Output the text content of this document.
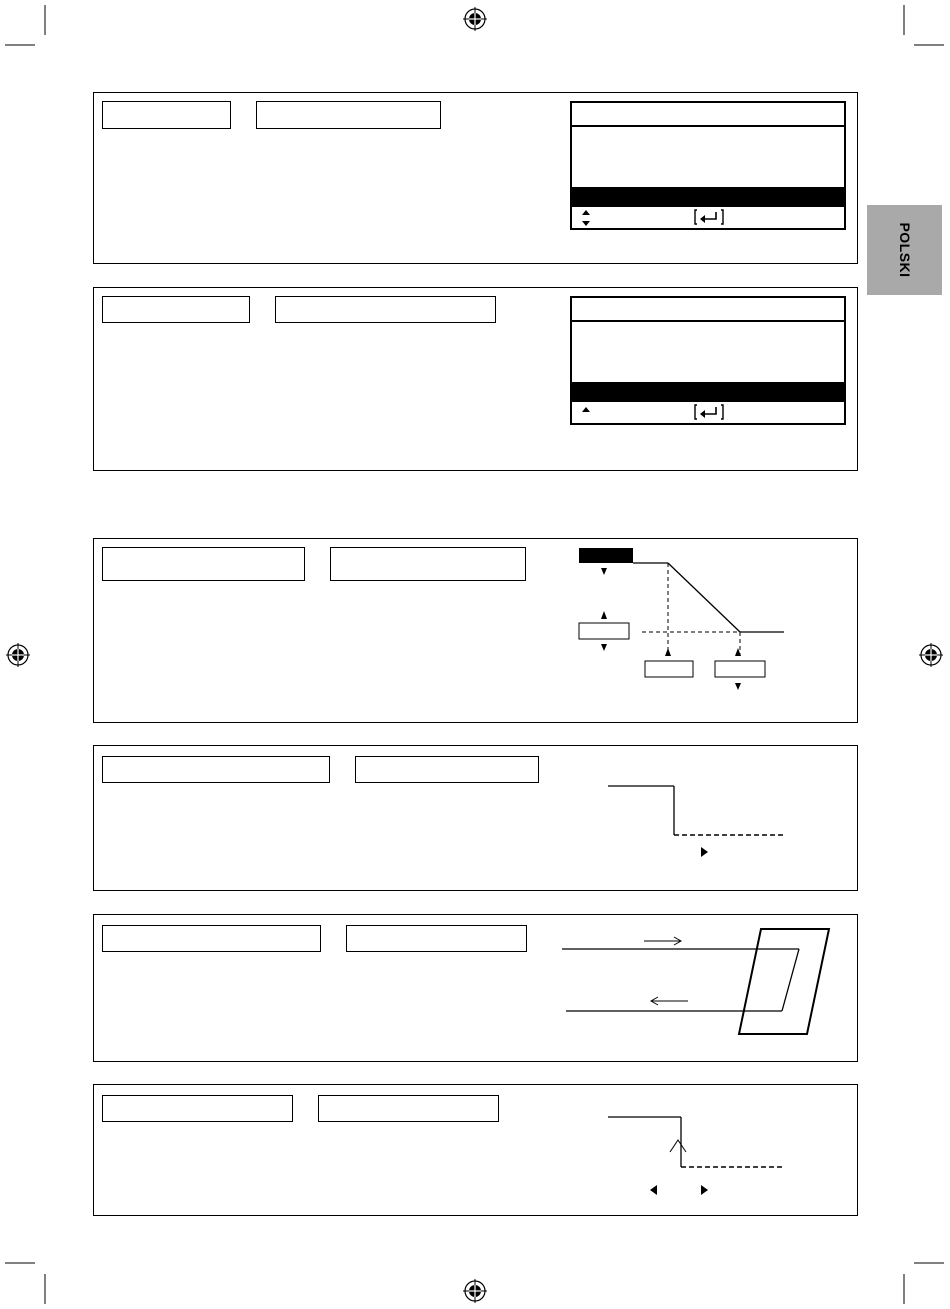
POLSKI
